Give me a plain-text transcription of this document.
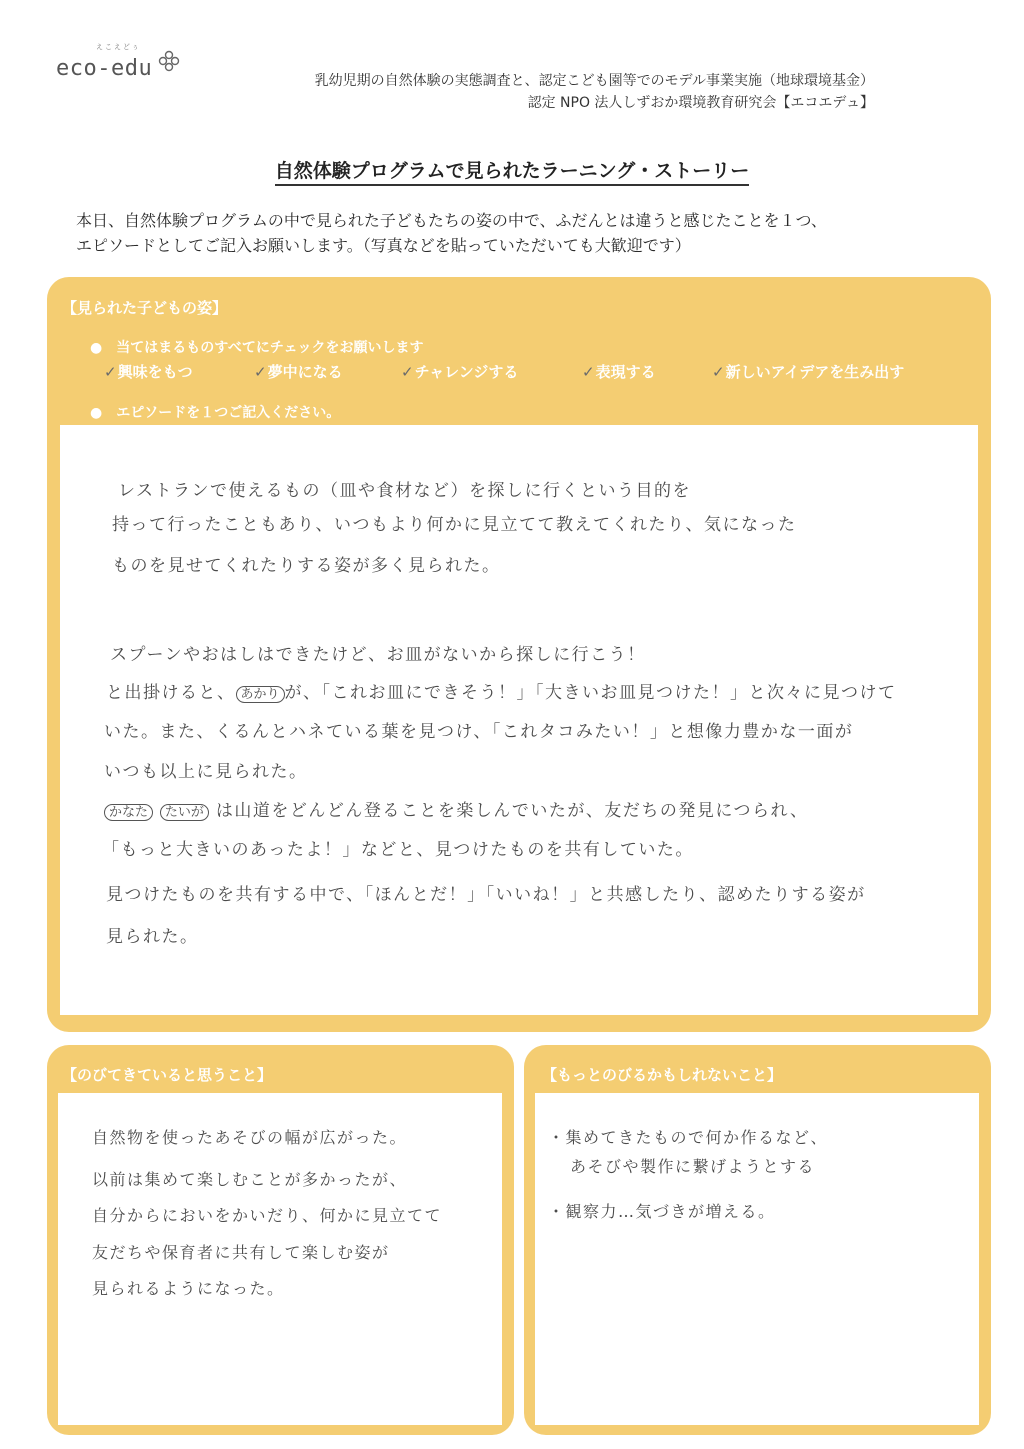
えこえどぅ
eco-edu	乳幼児期の自然体験の実態調査と、認定こども園等でのモデル事業実施（地球環境基金）
認定 NPO 法人しずおか環境教育研究会【エコエデュ】
自然体験プログラムで見られたラーニング・ストーリー
本日、自然体験プログラムの中で見られた子どもたちの姿の中で、ふだんとは違うと感じたことを１つ、
エピソードとしてご記入お願いします。（写真などを貼っていただいても大歓迎です）
【見られた子どもの姿】
●　当てはまるものすべてにチェックをお願いします
✓興味をもつ	✓夢中になる	✓チャレンジする	✓表現する	✓新しいアイデアを生み出す
●　エピソードを１つご記入ください。
レストランで使えるもの（皿や食材など）を探しに行くという目的を
持って行ったこともあり、いつもより何かに見立てて教えてくれたり、気になった
ものを見せてくれたりする姿が多く見られた。
スプーンやおはしはできたけど、お皿がないから探しに行こう！
と出掛けると、 あかり が、「これお皿にできそう！」「大きいお皿見つけた！」と次々に見つけて
いた。また、くるんとハネている葉を見つけ、「これタコみたい！」と想像力豊かな一面が
いつも以上に見られた。
かなた たいが は山道をどんどん登ることを楽しんでいたが、友だちの発見につられ、
「もっと大きいのあったよ！」などと、見つけたものを共有していた。
見つけたものを共有する中で、「ほんとだ！」「いいね！」と共感したり、認めたりする姿が
見られた。
【のびてきていると思うこと】
自然物を使ったあそびの幅が広がった。
以前は集めて楽しむことが多かったが、
自分からにおいをかいだり、何かに見立てて
友だちや保育者に共有して楽しむ姿が
見られるようになった。
【もっとのびるかもしれないこと】
・集めてきたもので何か作るなど、
あそびや製作に繋げようとする
・観察力…気づきが増える。
